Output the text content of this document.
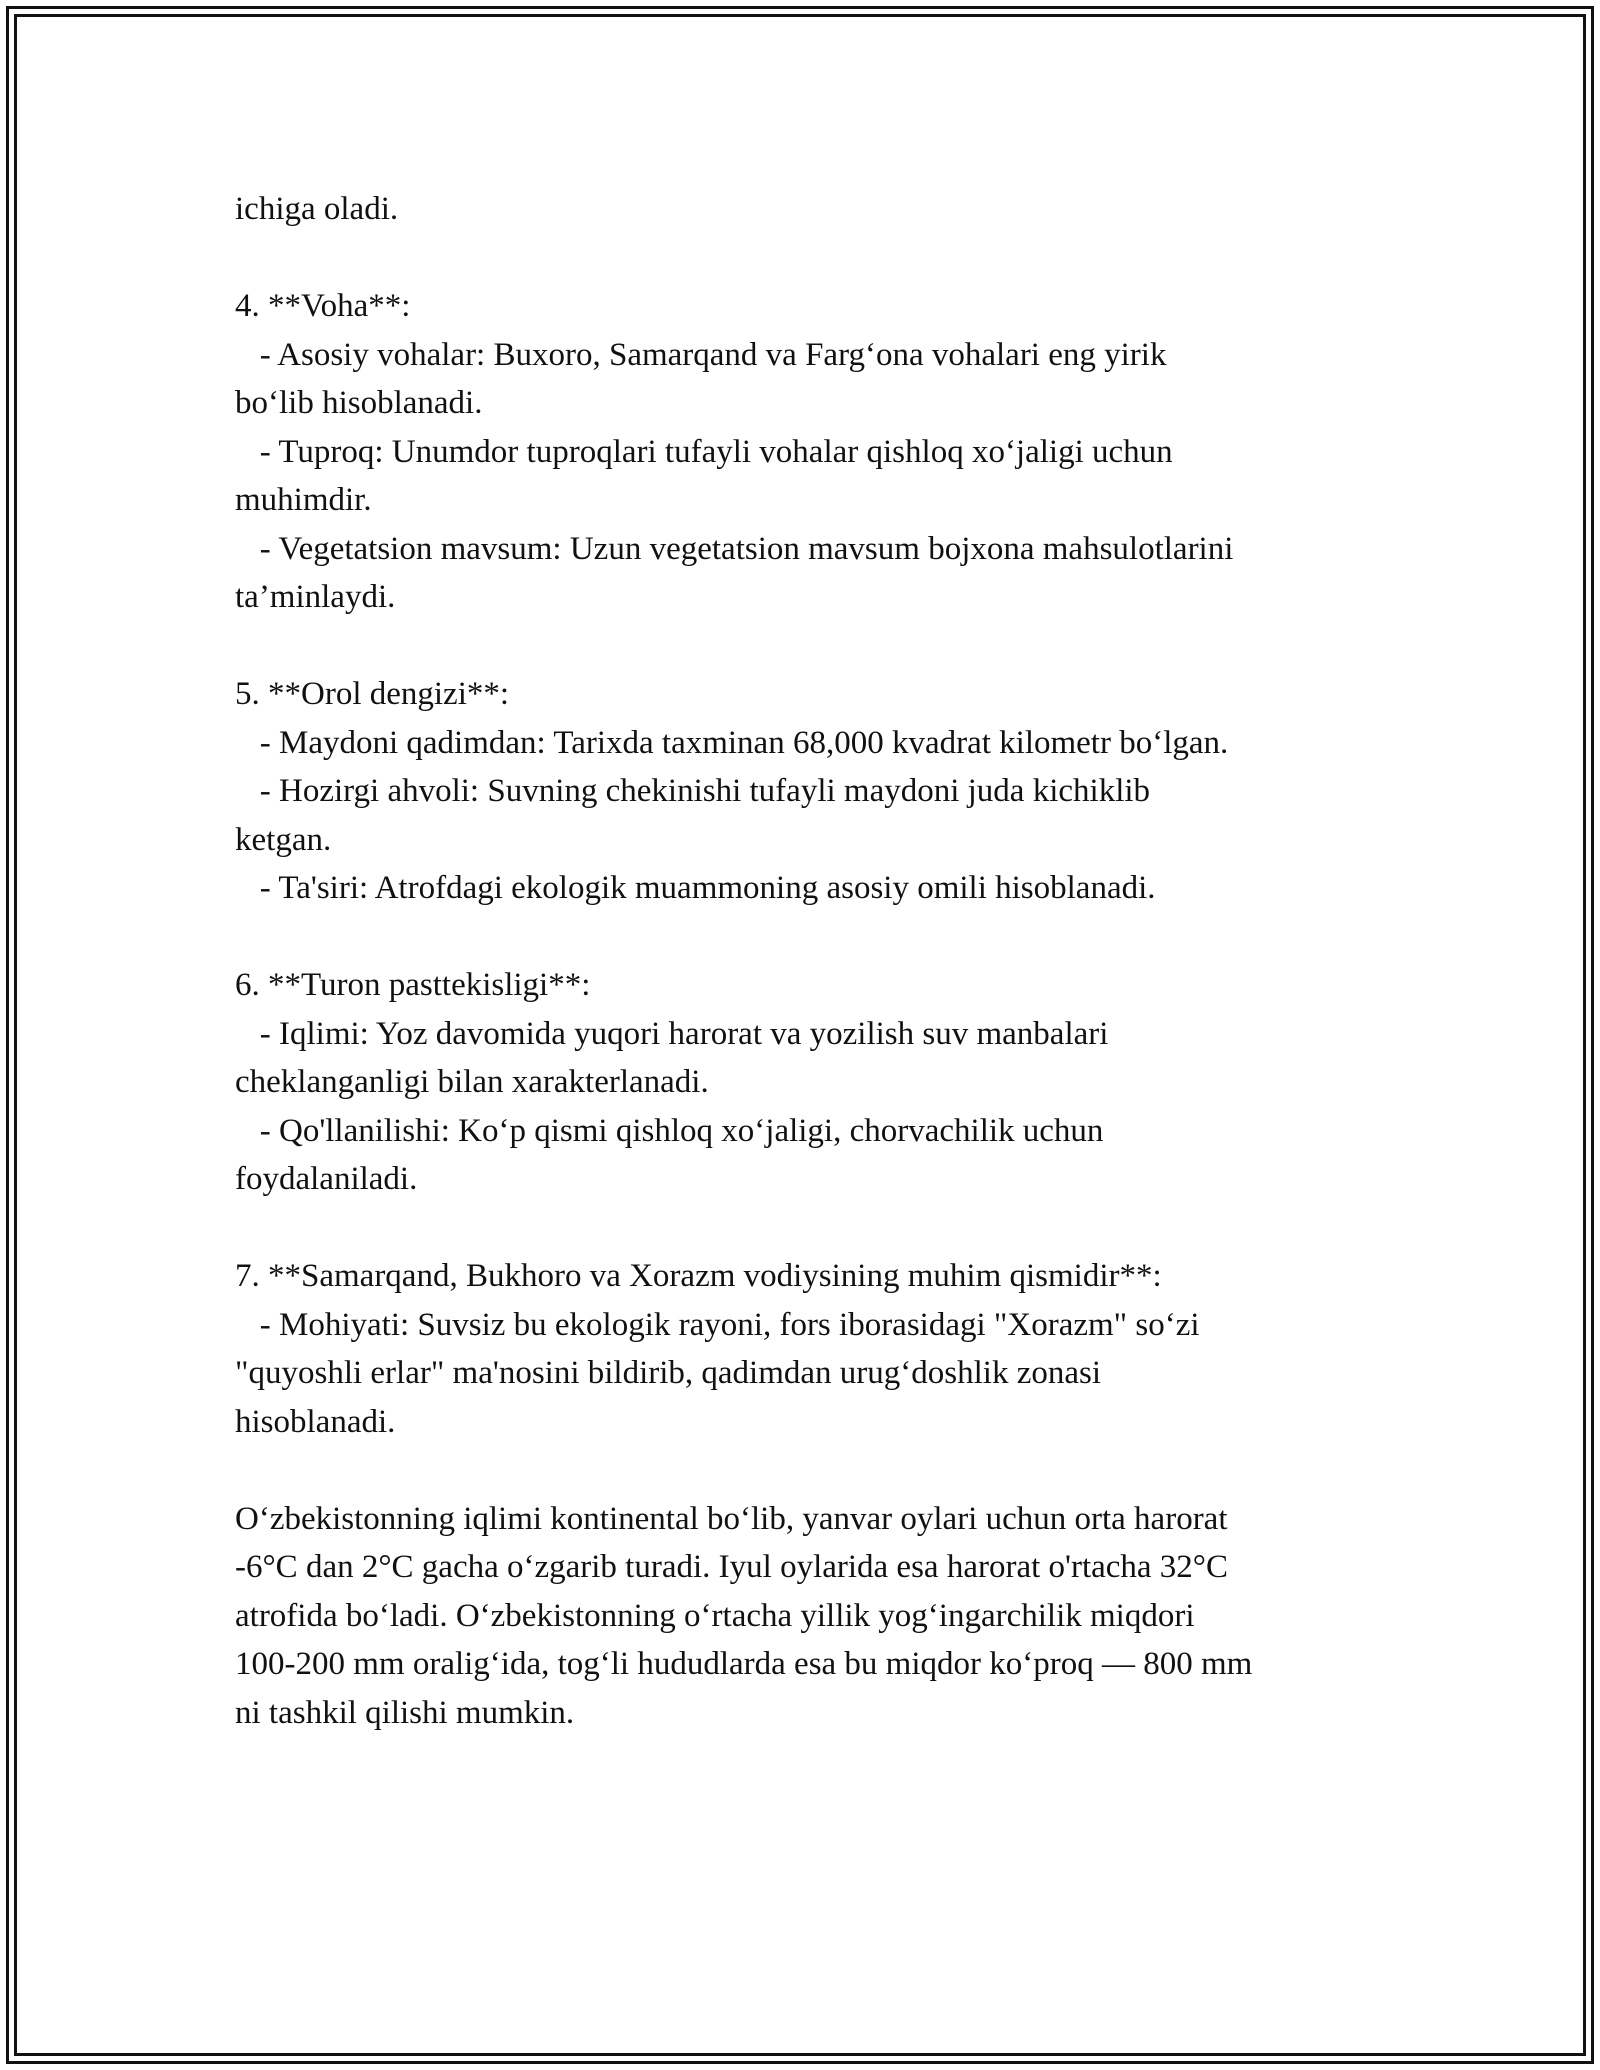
ichiga oladi.
4. **Voha**:
- Asosiy vohalar: Buxoro, Samarqand va Farg‘ona vohalari eng yirik
bo‘lib hisoblanadi.
- Tuproq: Unumdor tuproqlari tufayli vohalar qishloq xo‘jaligi uchun
muhimdir.
- Vegetatsion mavsum: Uzun vegetatsion mavsum bojxona mahsulotlarini
ta’minlaydi.
5. **Orol dengizi**:
- Maydoni qadimdan: Tarixda taxminan 68,000 kvadrat kilometr bo‘lgan.
- Hozirgi ahvoli: Suvning chekinishi tufayli maydoni juda kichiklib
ketgan.
- Ta'siri: Atrofdagi ekologik muammoning asosiy omili hisoblanadi.
6. **Turon pasttekisligi**:
- Iqlimi: Yoz davomida yuqori harorat va yozilish suv manbalari
cheklanganligi bilan xarakterlanadi.
- Qo'llanilishi: Ko‘p qismi qishloq xo‘jaligi, chorvachilik uchun
foydalaniladi.
7. **Samarqand, Bukhoro va Xorazm vodiysining muhim qismidir**:
- Mohiyati: Suvsiz bu ekologik rayoni, fors iborasidagi "Xorazm" so‘zi
"quyoshli erlar" ma'nosini bildirib, qadimdan urug‘doshlik zonasi
hisoblanadi.
O‘zbekistonning iqlimi kontinental bo‘lib, yanvar oylari uchun orta harorat
-6°C dan 2°C gacha o‘zgarib turadi. Iyul oylarida esa harorat o'rtacha 32°C
atrofida bo‘ladi. O‘zbekistonning o‘rtacha yillik yog‘ingarchilik miqdori
100-200 mm oralig‘ida, tog‘li hududlarda esa bu miqdor ko‘proq — 800 mm
ni tashkil qilishi mumkin.
